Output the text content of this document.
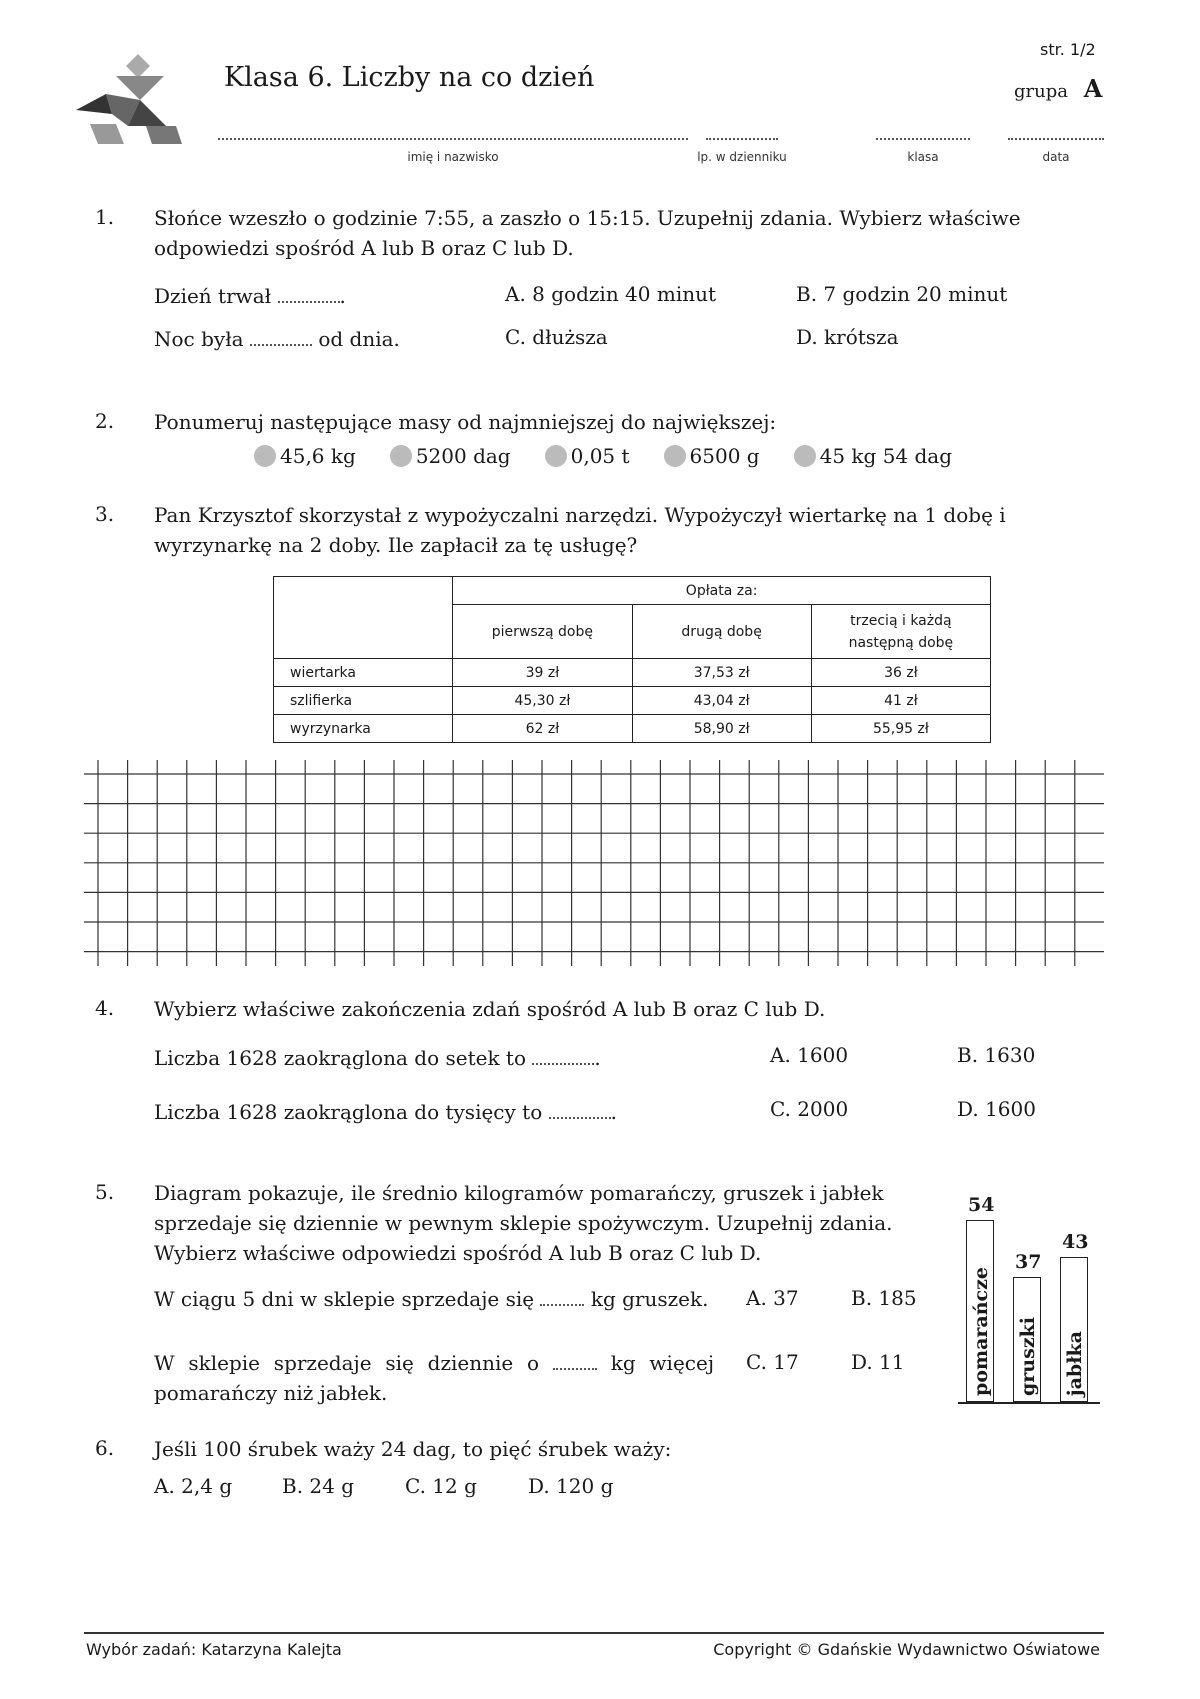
Klasa 6. Liczby na co dzień
str. 1/2
grupa A
imię i nazwisko	lp. w dzienniku	klasa	data
1. Słońce wzeszło o godzinie 7:55, a zaszło o 15:15. Uzupełnij zdania. Wybierz właściwe odpowiedzi spośród A lub B oraz C lub D.
Dzień trwał	.	A. 8 godzin 40 minut	B. 7 godzin 20 minut
Noc była	od dnia.	C. dłuższa	D. krótsza
2. Ponumeruj następujące masy od najmniejszej do największej:
45,6 kg	5200 dag	0,05 t	6500 g	45 kg 54 dag
3. Pan Krzysztof skorzystał z wypożyczalni narzędzi. Wypożyczył wiertarkę na 1 dobę i wyrzynarkę na 2 doby. Ile zapłacił za tę usługę?
	Opłata za:		
	pierwszą dobę	drugą dobę	trzecią i każdą
następną dobę
wiertarka	39 zł	37,53 zł	36 zł
szlifierka	45,30 zł	43,04 zł	41 zł
wyrzynarka	62 zł	58,90 zł	55,95 zł
4. Wybierz właściwe zakończenia zdań spośród A lub B oraz C lub D.
Liczba 1628 zaokrąglona do setek to	.	A. 1600	B. 1630
Liczba 1628 zaokrąglona do tysięcy to	.	C. 2000	D. 1600
5. Diagram pokazuje, ile średnio kilogramów pomarańczy, gruszek i jabłek sprzedaje się dziennie w pewnym sklepie spożywczym. Uzupełnij zdania. Wybierz właściwe odpowiedzi spośród A lub B oraz C lub D.
W ciągu 5 dni w sklepie sprzedaje się	kg gruszek. A. 37	B. 185
W sklepie sprzedaje się dziennie o	kg więcej pomarańczy niż jabłek.
C. 17	D. 11	pomarańcze
54
gruszki
37
jabłka
43
6. Jeśli 100 śrubek waży 24 dag, to pięć śrubek waży:
A. 2,4 g B. 24 g	C. 12 g	D. 120 g
Wybór zadań: Katarzyna Kalejta	Copyright © Gdańskie Wydawnictwo Oświatowe
